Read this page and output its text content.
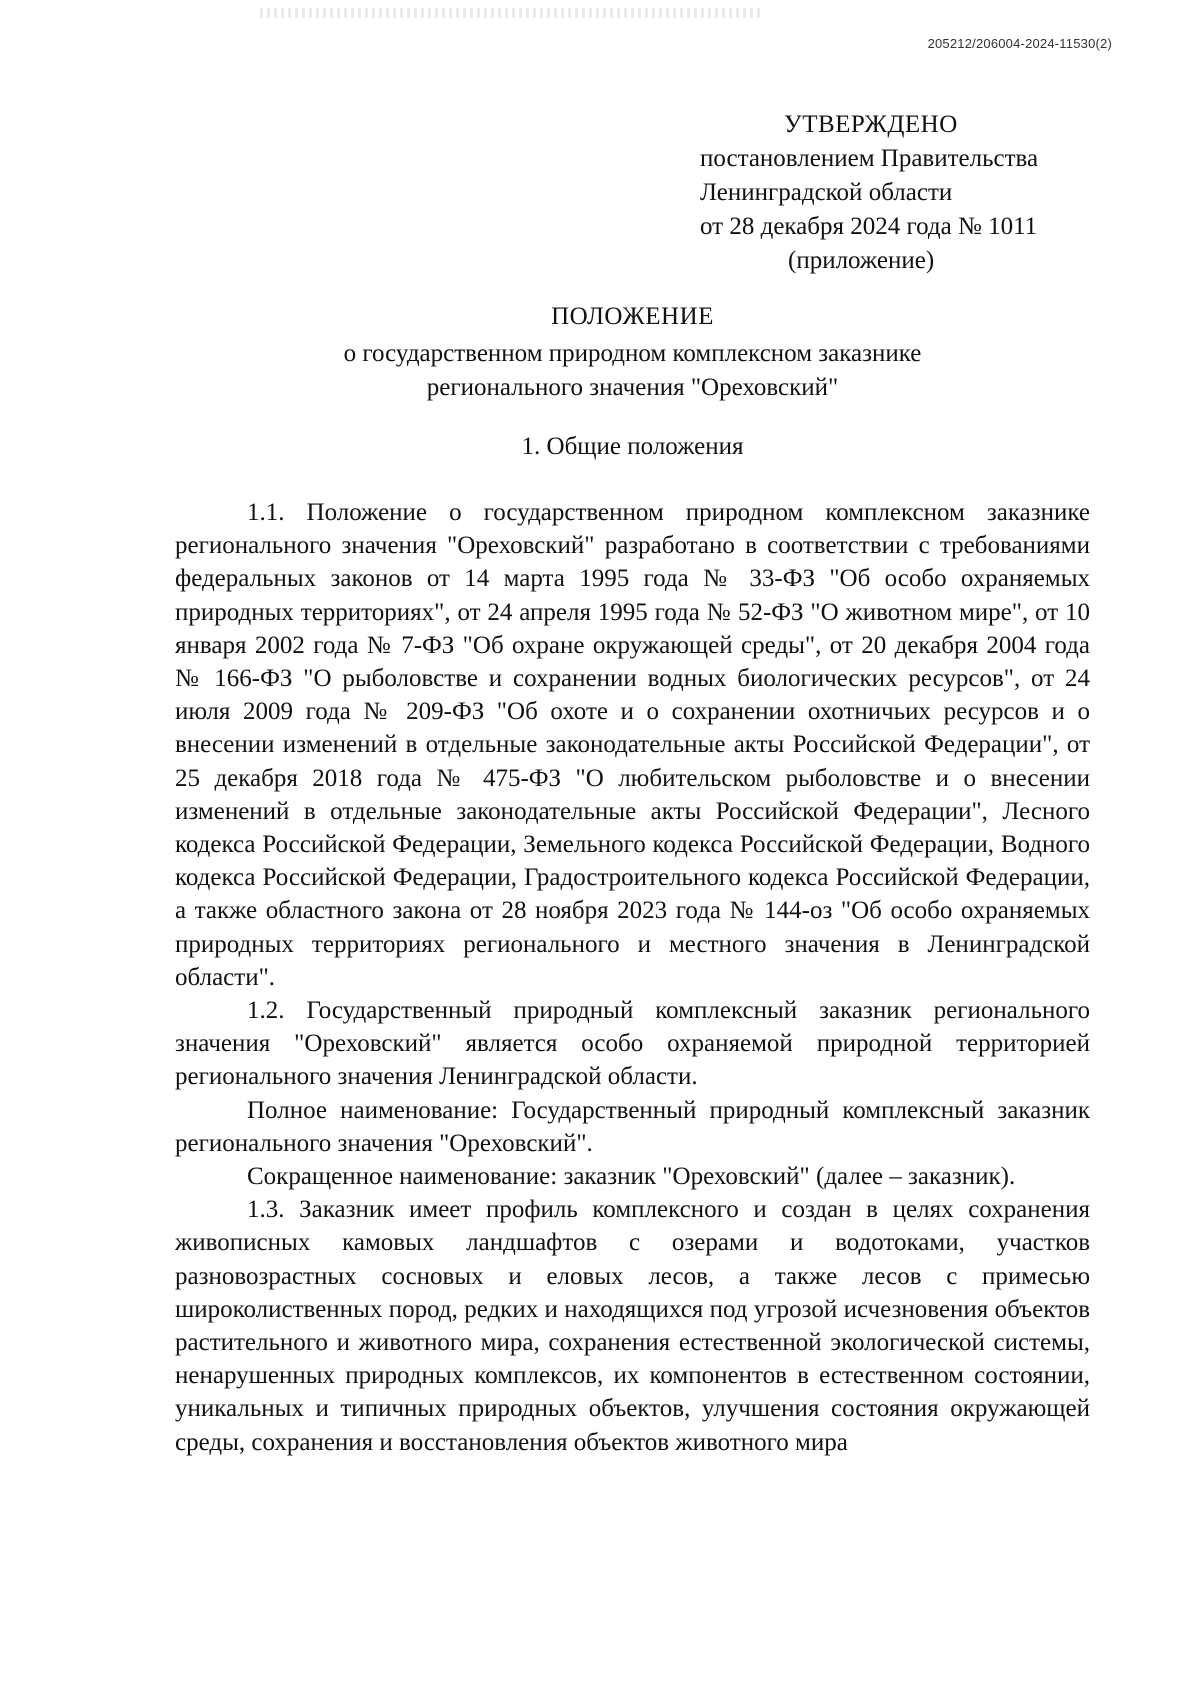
205212/206004-2024-11530(2)
УТВЕРЖДЕНО
постановлением Правительства
Ленинградской области
от 28 декабря 2024 года № 1011
(приложение)
ПОЛОЖЕНИЕ
о государственном природном комплексном заказнике
регионального значения "Ореховский"
1. Общие положения

1.1. Положение о государственном природном комплексном заказнике регионального значения "Ореховский" разработано в соответствии с требованиями федеральных законов от 14 марта 1995 года № 33-ФЗ "Об особо охраняемых природных территориях", от 24 апреля 1995 года № 52-ФЗ "О животном мире", от 10 января 2002 года № 7-ФЗ "Об охране окружающей среды", от 20 декабря 2004 года № 166-ФЗ "О рыболовстве и сохранении водных биологических ресурсов", от 24 июля 2009 года № 209-ФЗ "Об охоте и о сохранении охотничьих ресурсов и о внесении изменений в отдельные законодательные акты Российской Федерации", от 25 декабря 2018 года № 475-ФЗ "О любительском рыболовстве и о внесении изменений в отдельные законодательные акты Российской Федерации", Лесного кодекса Российской Федерации, Земельного кодекса Российской Федерации, Водного кодекса Российской Федерации, Градостроительного кодекса Российской Федерации, а также областного закона от 28 ноября 2023 года № 144-оз "Об особо охраняемых природных территориях регионального и местного значения в Ленинградской области".

1.2. Государственный природный комплексный заказник регионального значения "Ореховский" является особо охраняемой природной территорией регионального значения Ленинградской области.

Полное наименование: Государственный природный комплексный заказник регионального значения "Ореховский".

Сокращенное наименование: заказник "Ореховский" (далее – заказник).

1.3. Заказник имеет профиль комплексного и создан в целях сохранения живописных камовых ландшафтов с озерами и водотоками, участков разновозрастных сосновых и еловых лесов, а также лесов с примесью широколиственных пород, редких и находящихся под угрозой исчезновения объектов растительного и животного мира, сохранения естественной экологической системы, ненарушенных природных комплексов, их компонентов в естественном состоянии, уникальных и типичных природных объектов, улучшения состояния окружающей среды, сохранения и восстановления объектов животного мира
